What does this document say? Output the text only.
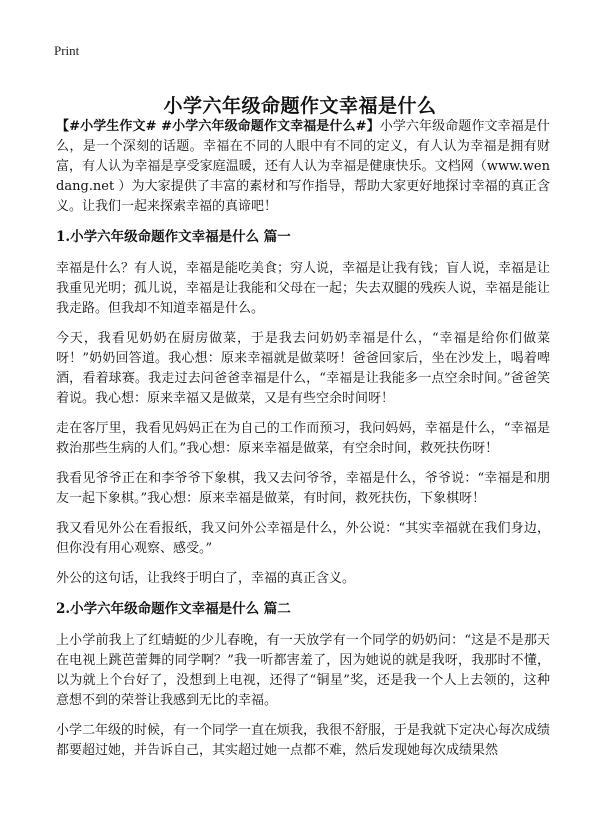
Print
小学六年级命题作文幸福是什么

【#小学生作文# #小学六年级命题作文幸福是什么#】小学六年级命题作文幸福是什么，是一个深刻的话题。幸福在不同的人眼中有不同的定义，有人认为幸福是拥有财富，有人认为幸福是享受家庭温暖，还有人认为幸福是健康快乐。文档网（www.wendang.net ）为大家提供了丰富的素材和写作指导，帮助大家更好地探讨幸福的真正含义。让我们一起来探索幸福的真谛吧！

1.小学六年级命题作文幸福是什么 篇一

幸福是什么？有人说，幸福是能吃美食；穷人说，幸福是让我有钱；盲人说，幸福是让我重见光明；孤儿说，幸福是让我能和父母在一起；失去双腿的残疾人说，幸福是能让我走路。但我却不知道幸福是什么。

今天，我看见奶奶在厨房做菜，于是我去问奶奶幸福是什么，“幸福是给你们做菜呀！”奶奶回答道。我心想：原来幸福就是做菜呀！爸爸回家后，坐在沙发上，喝着啤酒，看着球赛。我走过去问爸爸幸福是什么，“幸福是让我能多一点空余时间。”爸爸笑着说。我心想：原来幸福又是做菜，又是有些空余时间呀！

走在客厅里，我看见妈妈正在为自己的工作而预习，我问妈妈，幸福是什么，“幸福是救治那些生病的人们。”我心想：原来幸福是做菜，有空余时间，救死扶伤呀！

我看见爷爷正在和李爷爷下象棋，我又去问爷爷，幸福是什么，爷爷说：“幸福是和朋友一起下象棋。”我心想：原来幸福是做菜，有时间，救死扶伤，下象棋呀！

我又看见外公在看报纸，我又问外公幸福是什么，外公说：“其实幸福就在我们身边，但你没有用心观察、感受。”

外公的这句话，让我终于明白了，幸福的真正含义。

2.小学六年级命题作文幸福是什么 篇二

上小学前我上了红蜻蜓的少儿春晚，有一天放学有一个同学的奶奶问：“这是不是那天在电视上跳芭蕾舞的同学啊？”我一听都害羞了，因为她说的就是我呀，我那时不懂，以为就上个台好了，没想到上电视，还得了“铜星”奖，还是我一个人上去领的，这种意想不到的荣誉让我感到无比的幸福。

小学二年级的时候，有一个同学一直在烦我，我很不舒服，于是我就下定决心每次成绩都要超过她，并告诉自己，其实超过她一点都不难，然后发现她每次成绩果然
